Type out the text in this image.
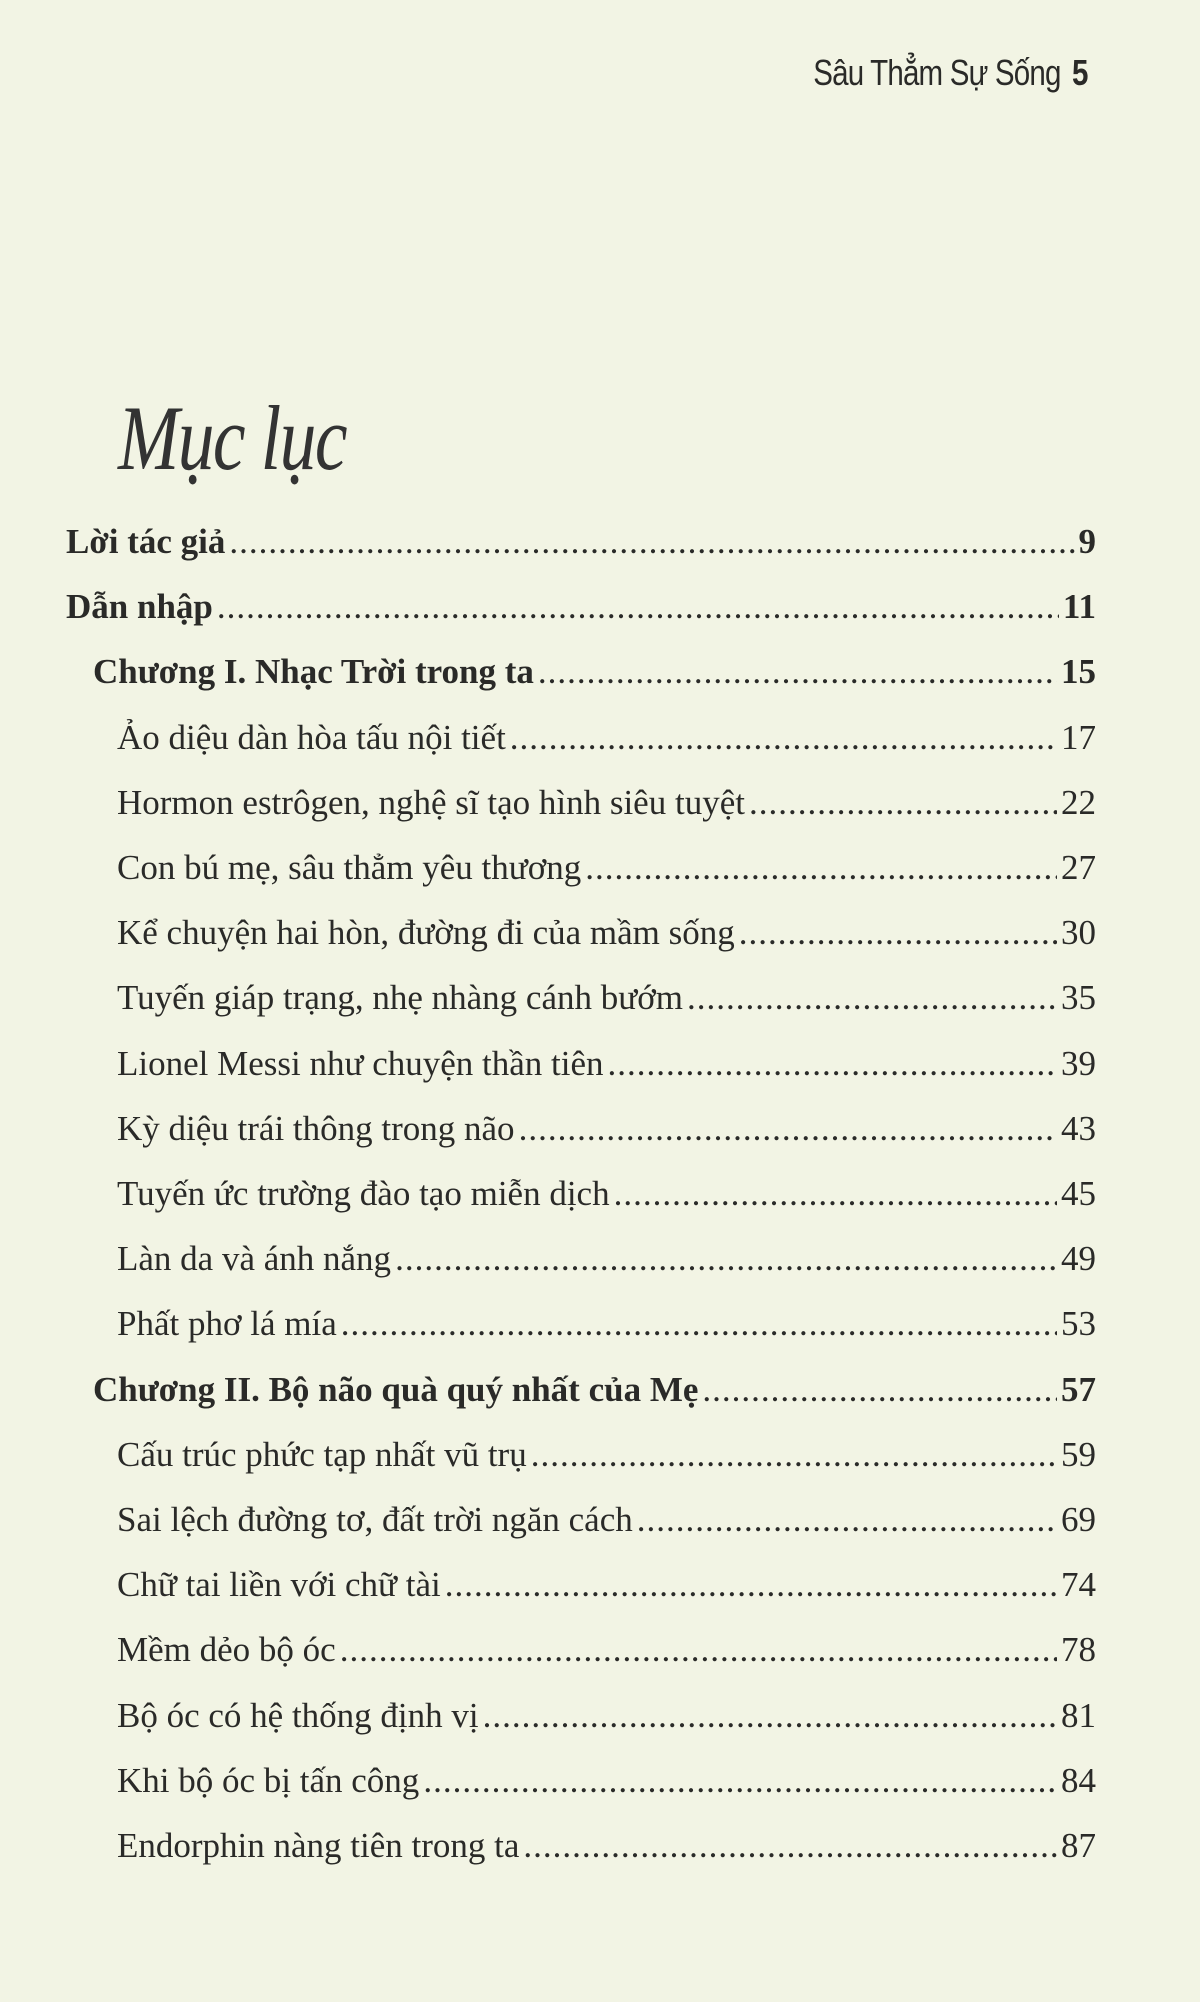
Sâu Thẳm Sự Sống 5
Mục lục
Lời tác giả .....	9
Dẫn nhập .....	11
Chương I. Nhạc Trời trong ta .....	15
Ảo diệu dàn hòa tấu nội tiết .....	17
Hormon estrôgen, nghệ sĩ tạo hình siêu tuyệt .....	22
Con bú mẹ, sâu thẳm yêu thương .....	27
Kể chuyện hai hòn, đường đi của mầm sống .....	30
Tuyến giáp trạng, nhẹ nhàng cánh bướm .....	35
Lionel Messi như chuyện thần tiên .....	39
Kỳ diệu trái thông trong não .....	43
Tuyến ức trường đào tạo miễn dịch .....	45
Làn da và ánh nắng .....	49
Phất phơ lá mía .....	53
Chương II. Bộ não quà quý nhất của Mẹ .....	57
Cấu trúc phức tạp nhất vũ trụ .....	59
Sai lệch đường tơ, đất trời ngăn cách .....	69
Chữ tai liền với chữ tài .....	74
Mềm dẻo bộ óc .....	78
Bộ óc có hệ thống định vị .....	81
Khi bộ óc bị tấn công .....	84
Endorphin nàng tiên trong ta .....	87
